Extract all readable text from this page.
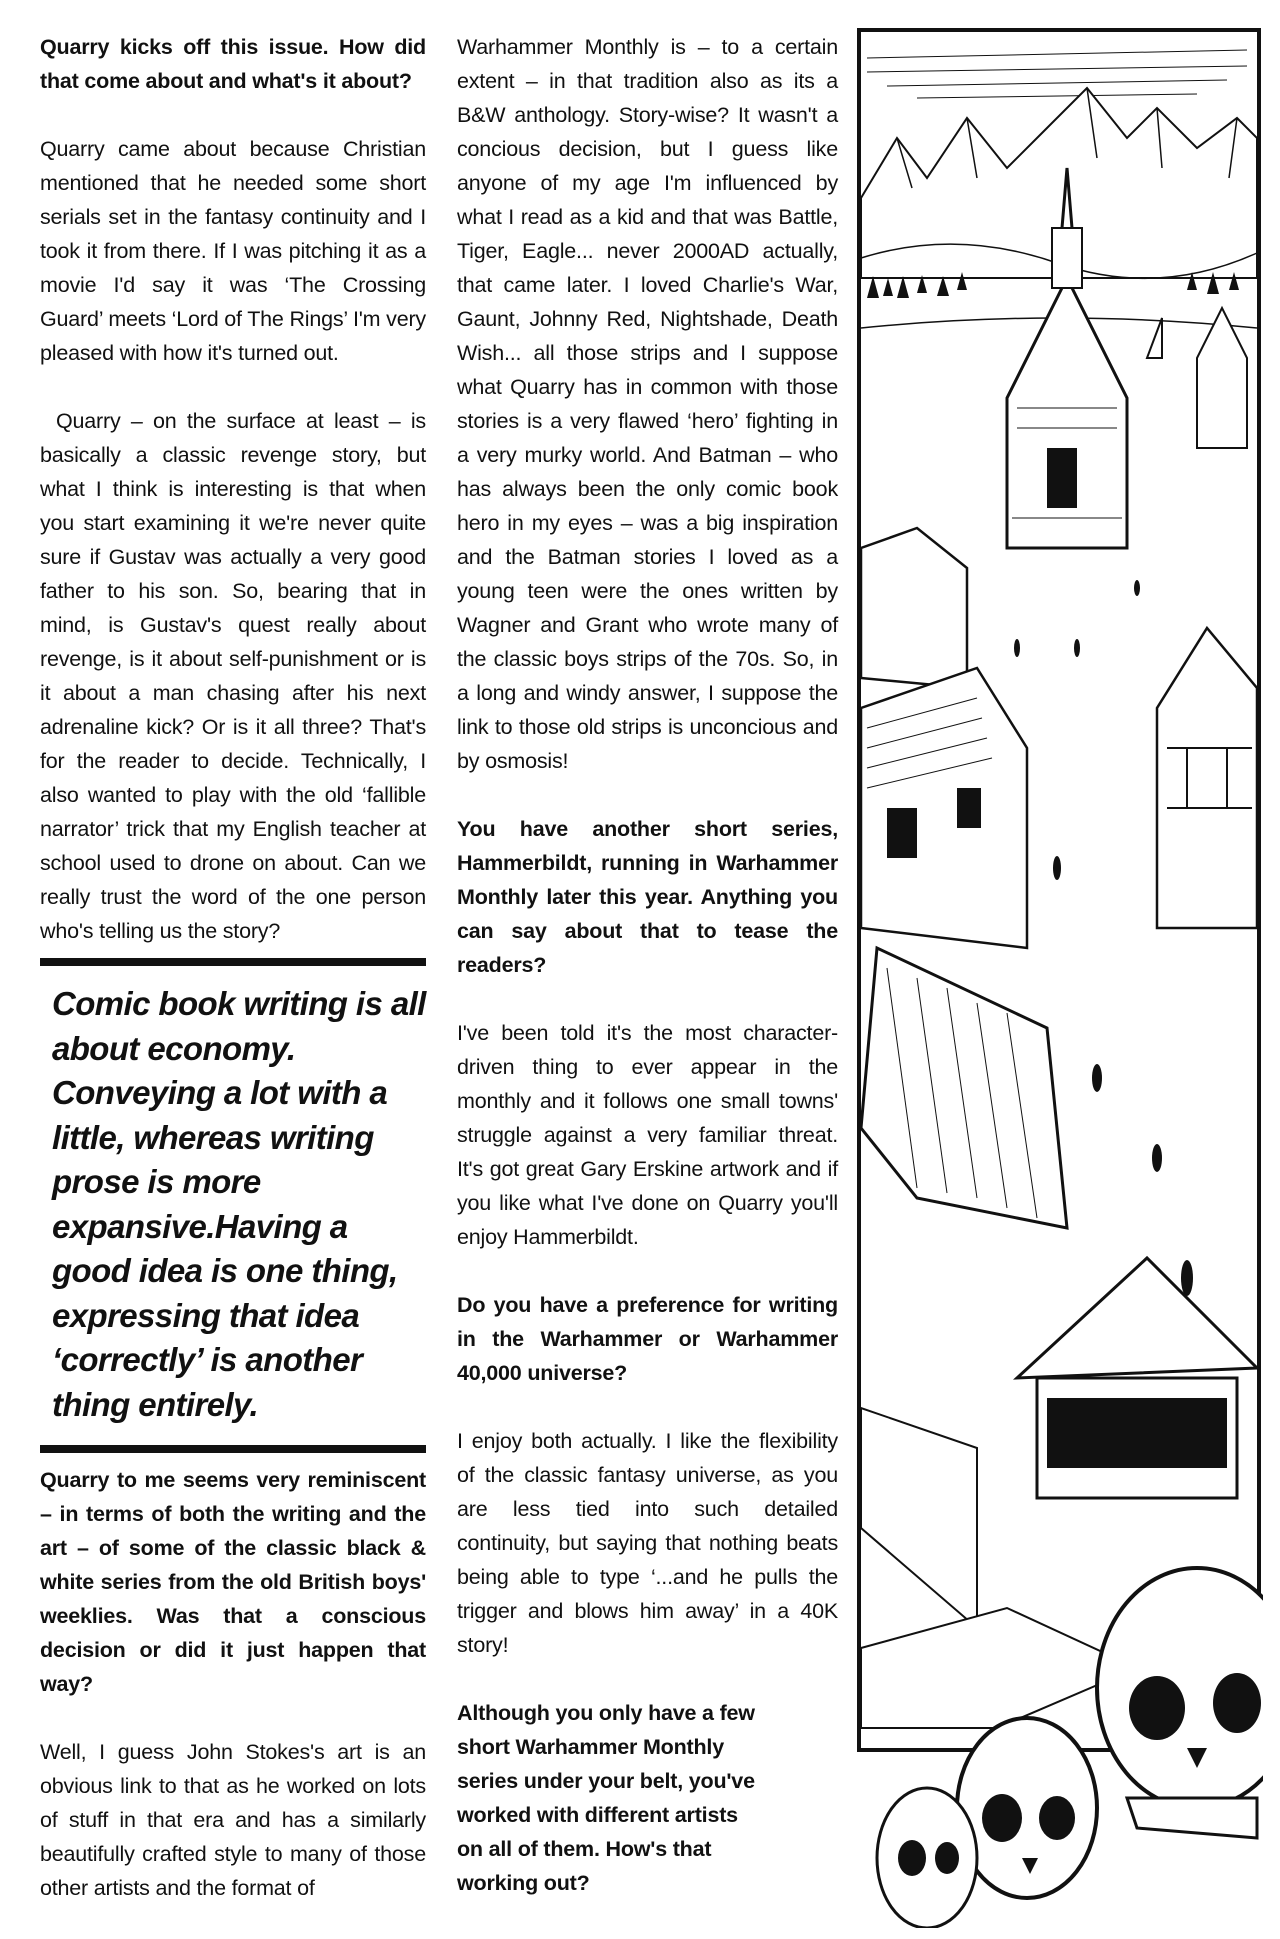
Quarry kicks off this issue. How did that come about and what's it about?

Quarry came about because Christian mentioned that he needed some short serials set in the fantasy continuity and I took it from there. If I was pitching it as a movie I'd say it was ‘The Crossing Guard’ meets ‘Lord of The Rings’ I'm very pleased with how it's turned out.

Quarry – on the surface at least – is basically a classic revenge story, but what I think is interesting is that when you start examining it we're never quite sure if Gustav was actually a very good father to his son. So, bearing that in mind, is Gustav's quest really about revenge, is it about self-punishment or is it about a man chasing after his next adrenaline kick? Or is it all three? That's for the reader to decide. Technically, I also wanted to play with the old ‘fallible narrator’ trick that my English teacher at school used to drone on about. Can we really trust the word of the one person who's telling us the story?

Comic book writing is all about economy. Conveying a lot with a little, whereas writing prose is more expansive.Having a good idea is one thing, expressing that idea ‘correctly’ is another thing entirely.

Quarry to me seems very reminiscent – in terms of both the writing and the art – of some of the classic black & white series from the old British boys' weeklies. Was that a conscious decision or did it just happen that way?

Well, I guess John Stokes's art is an obvious link to that as he worked on lots of stuff in that era and has a similarly beautifully crafted style to many of those other artists and the format of

Warhammer Monthly is – to a certain extent – in that tradition also as its a B&W anthology. Story-wise? It wasn't a concious decision, but I guess like anyone of my age I'm influenced by what I read as a kid and that was Battle, Tiger, Eagle... never 2000AD actually, that came later. I loved Charlie's War, Gaunt, Johnny Red, Nightshade, Death Wish... all those strips and I suppose what Quarry has in common with those stories is a very flawed ‘hero’ fighting in a very murky world. And Batman – who has always been the only comic book hero in my eyes – was a big inspiration and the Batman stories I loved as a young teen were the ones written by Wagner and Grant who wrote many of the classic boys strips of the 70s. So, in a long and windy answer, I suppose the link to those old strips is unconcious and by osmosis!

You have another short series, Hammerbildt, running in Warhammer Monthly later this year. Anything you can say about that to tease the readers?

I've been told it's the most character-driven thing to ever appear in the monthly and it follows one small towns' struggle against a very familiar threat. It's got great Gary Erskine artwork and if you like what I've done on Quarry you'll enjoy Hammerbildt.

Do you have a preference for writing in the Warhammer or Warhammer 40,000 universe?

I enjoy both actually. I like the flexibility of the classic fantasy universe, as you are less tied into such detailed continuity, but saying that nothing beats being able to type ‘...and he pulls the trigger and blows him away’ in a 40K story!

Although you only have a few short Warhammer Monthly series under your belt, you've worked with different artists on all of them. How's that working out?
